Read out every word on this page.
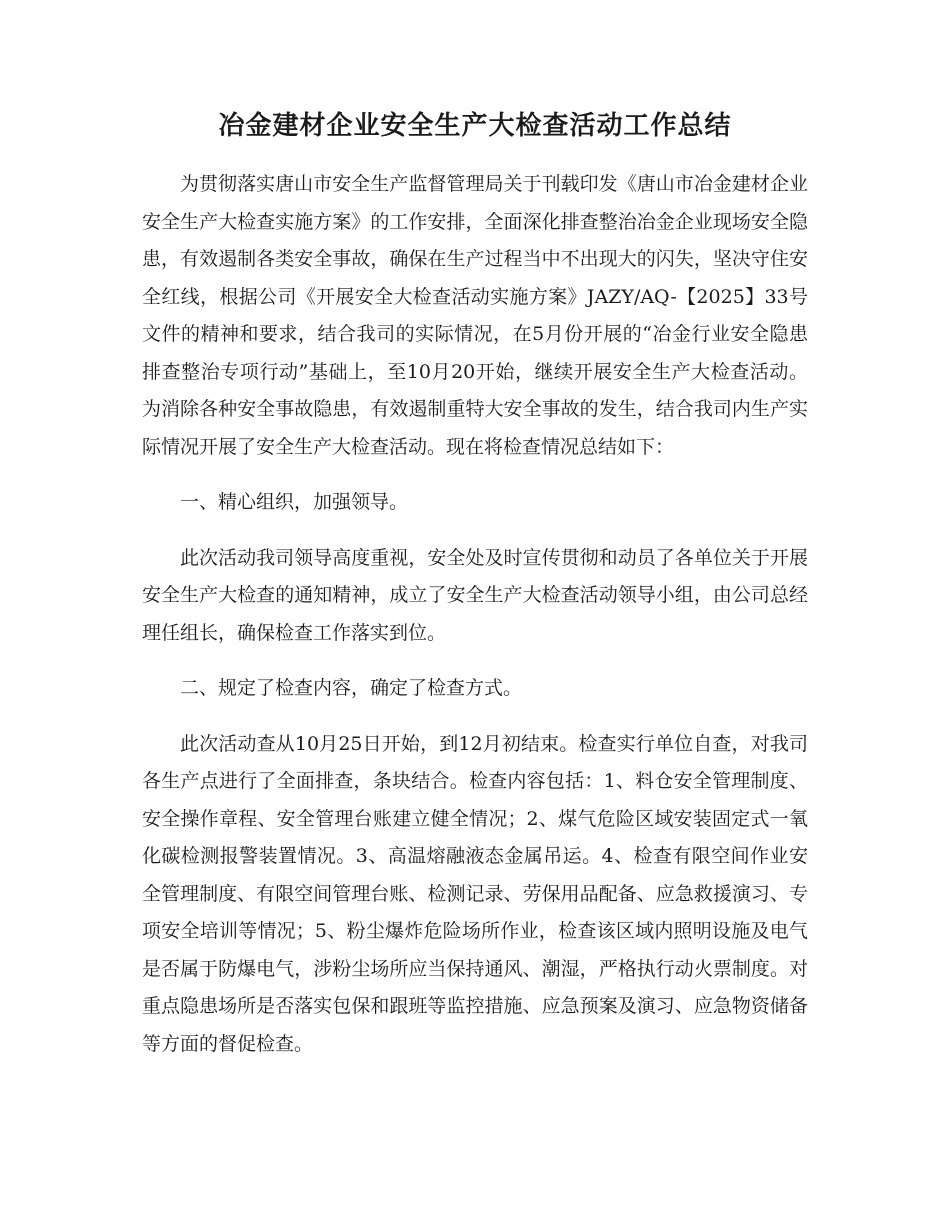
冶金建材企业安全生产大检查活动工作总结

为贯彻落实唐山市安全生产监督管理局关于刊载印发《唐山市冶金建材企业安全生产大检查实施方案》的工作安排，全面深化排查整治冶金企业现场安全隐患，有效遏制各类安全事故，确保在生产过程当中不出现大的闪失，坚决守住安全红线，根据公司《开展安全大检查活动实施方案》JAZY/AQ-【2025】33号文件的精神和要求，结合我司的实际情况，在5月份开展的“冶金行业安全隐患排查整治专项行动”基础上，至10月20开始，继续开展安全生产大检查活动。为消除各种安全事故隐患，有效遏制重特大安全事故的发生，结合我司内生产实际情况开展了安全生产大检查活动。现在将检查情况总结如下：

一、精心组织，加强领导。

此次活动我司领导高度重视，安全处及时宣传贯彻和动员了各单位关于开展安全生产大检查的通知精神，成立了安全生产大检查活动领导小组，由公司总经理任组长，确保检查工作落实到位。

二、规定了检查内容，确定了检查方式。

此次活动查从10月25日开始，到12月初结束。检查实行单位自查，对我司各生产点进行了全面排查，条块结合。检查内容包括：1、料仓安全管理制度、安全操作章程、安全管理台账建立健全情况；2、煤气危险区域安装固定式一氧化碳检测报警装置情况。3、高温熔融液态金属吊运。4、检查有限空间作业安全管理制度、有限空间管理台账、检测记录、劳保用品配备、应急救援演习、专项安全培训等情况；5、粉尘爆炸危险场所作业，检查该区域内照明设施及电气是否属于防爆电气，涉粉尘场所应当保持通风、潮湿，严格执行动火票制度。对重点隐患场所是否落实包保和跟班等监控措施、应急预案及演习、应急物资储备等方面的督促检查。
